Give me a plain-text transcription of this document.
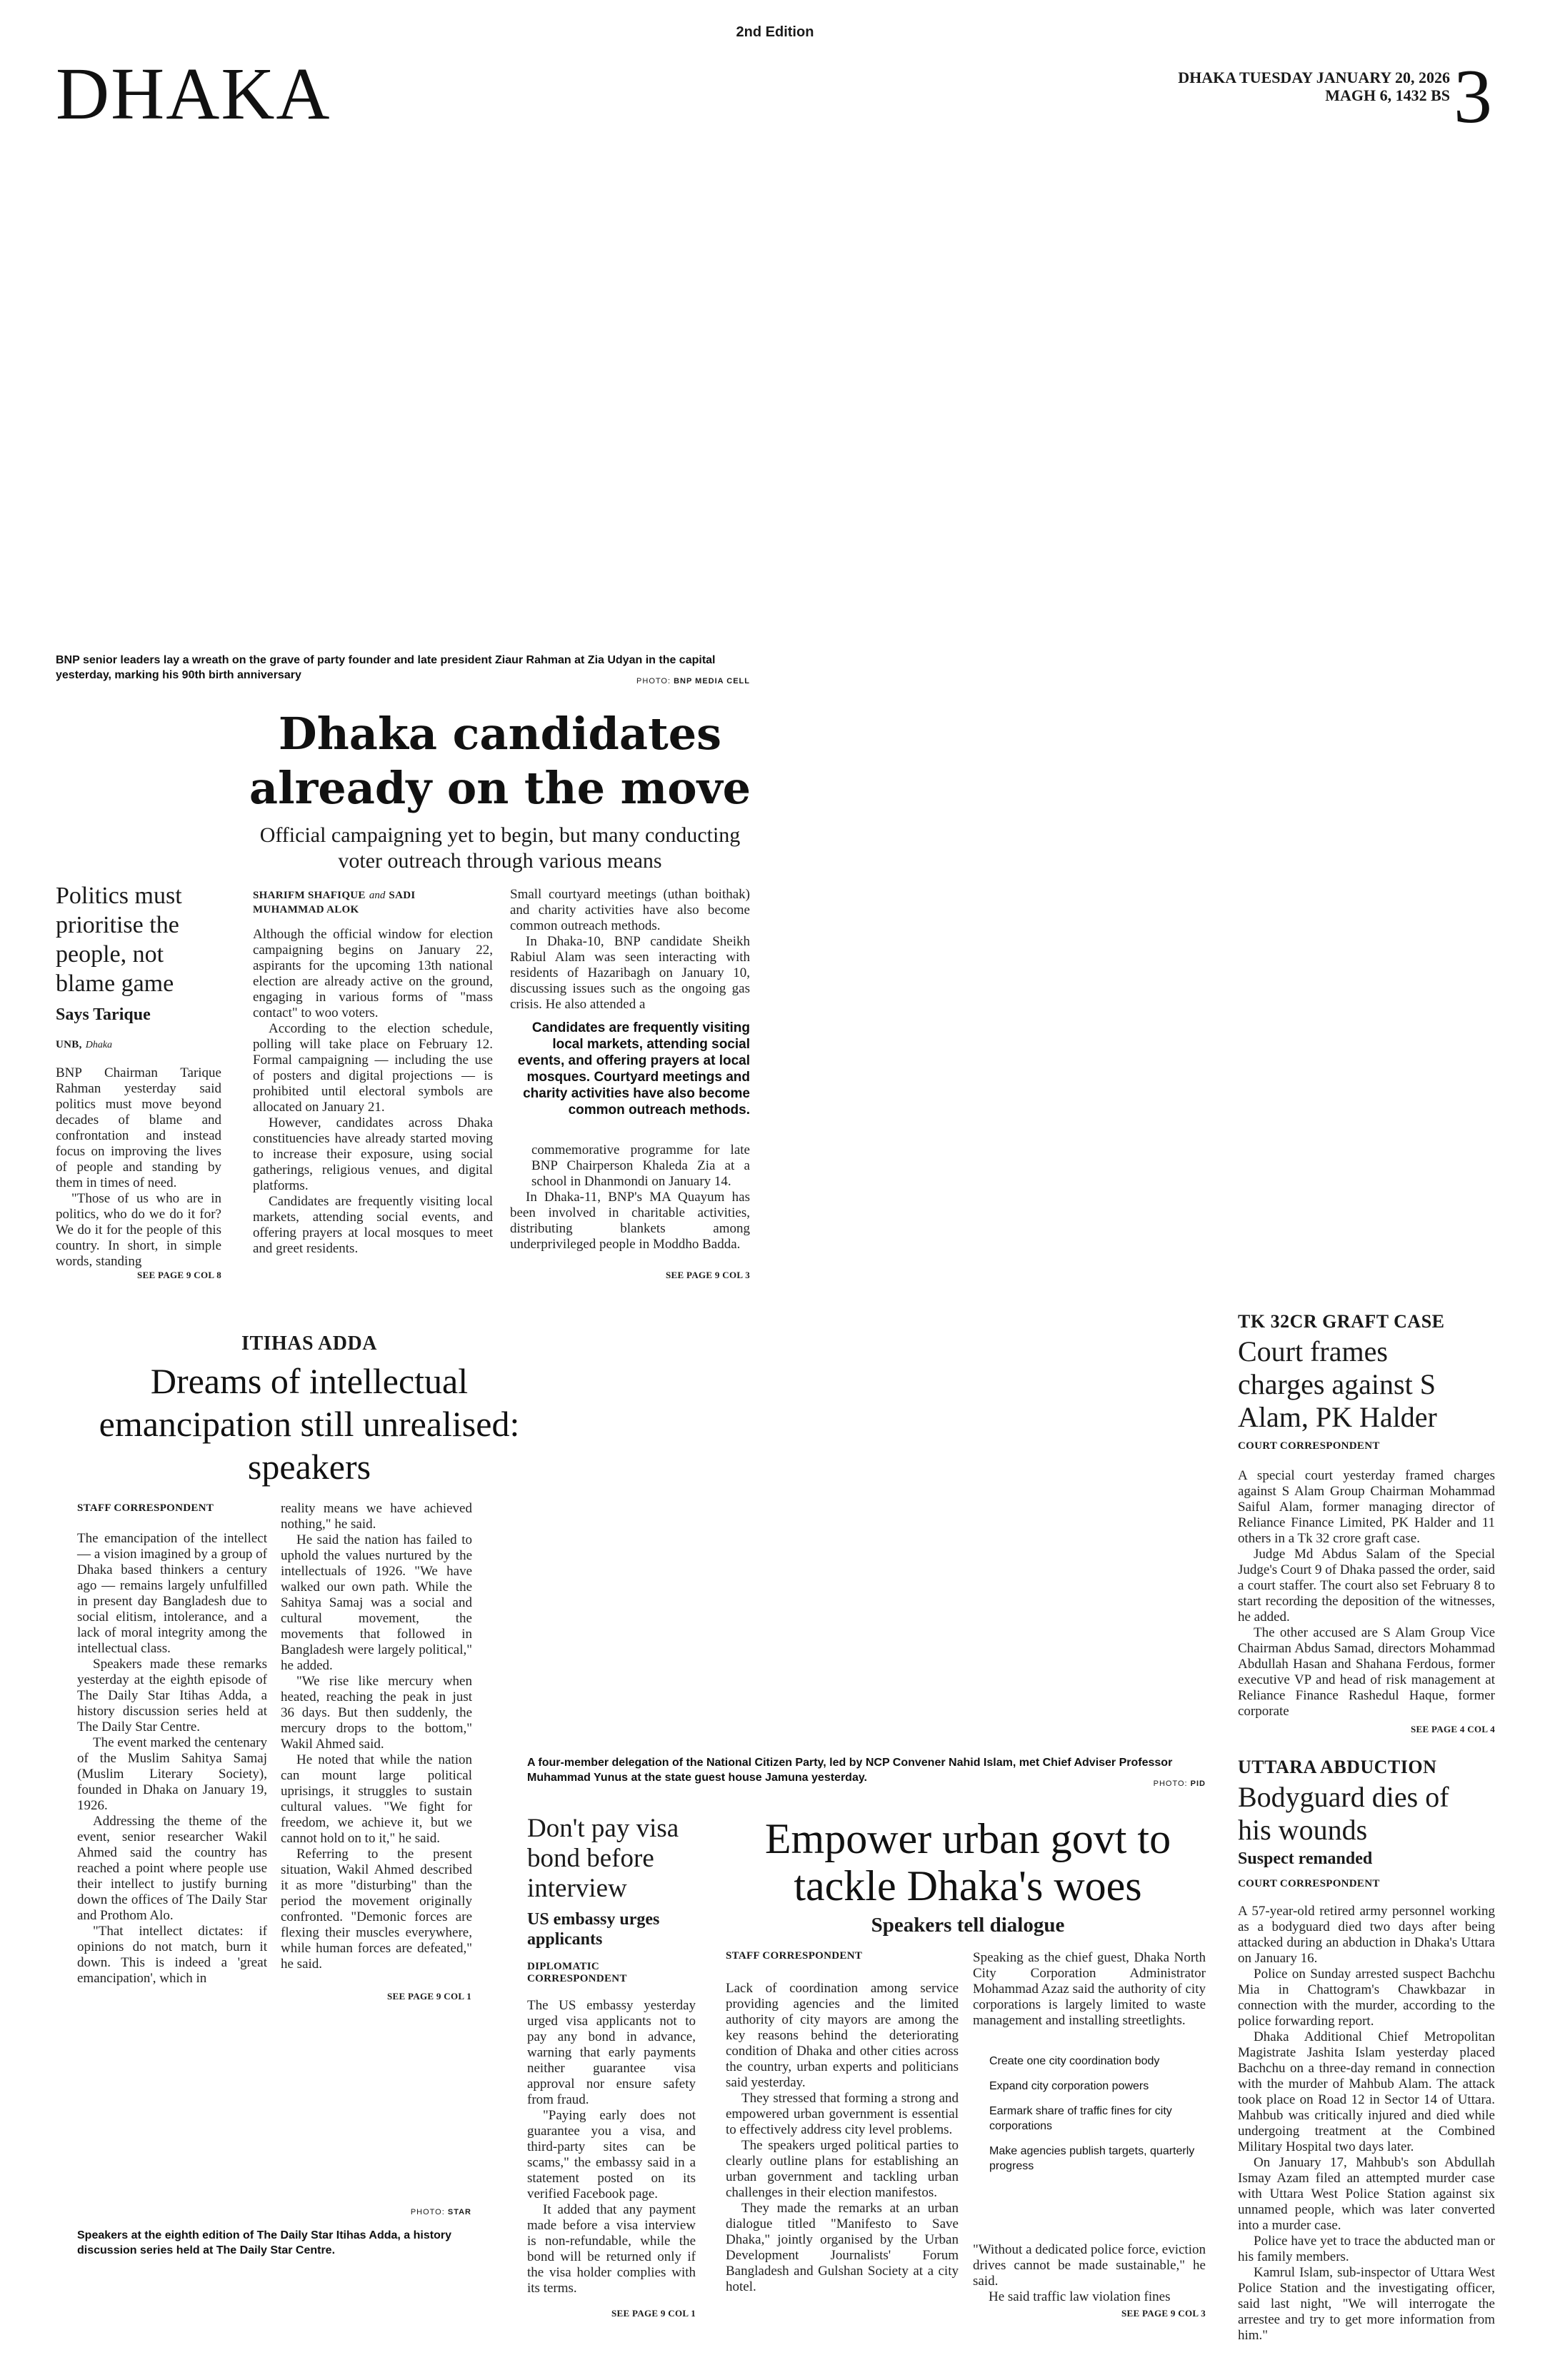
2nd Edition
DHAKA	DHAKA TUESDAY JANUARY 20, 2026
MAGH 6, 1432 BS 3
BNP senior leaders lay a wreath on the grave of party founder and late president Ziaur Rahman at Zia Udyan in the capital yesterday, marking his 90th birth anniversary	PHOTO: BNP MEDIA CELL
Dhaka candidates already on the move
Official campaigning yet to begin, but many conducting voter outreach through various means
SHARIFM SHAFIQUE and SADI MUHAMMAD ALOK

Although the official window for election campaigning begins on January 22, aspirants for the upcoming 13th national election are already active on the ground, engaging in various forms of "mass contact" to woo voters.

According to the election schedule, polling will take place on February 12. Formal campaigning — including the use of posters and digital projections — is prohibited until electoral symbols are allocated on January 21.

However, candidates across Dhaka constituencies have already started moving to increase their exposure, using social gatherings, religious venues, and digital platforms.

Candidates are frequently visiting local markets, attending social events, and offering prayers at local mosques to meet and greet residents.

Small courtyard meetings (uthan boithak) and charity activities have also become common outreach methods.

In Dhaka-10, BNP candidate Sheikh Rabiul Alam was seen interacting with residents of Hazaribagh on January 10, discussing issues such as the ongoing gas crisis. He also attended a

Candidates are frequently visiting local markets, attending social events, and offering prayers at local mosques. Courtyard meetings and charity activities have also become common outreach methods.

commemorative programme for late BNP Chairperson Khaleda Zia at a school in Dhanmondi on January 14.

In Dhaka-11, BNP's MA Quayum has been involved in charitable activities, distributing blankets among underprivileged people in Moddho Badda.

SEE PAGE 9 COL 3
Politics must prioritise the people, not blame game
Says Tarique
UNB, Dhaka

BNP Chairman Tarique Rahman yesterday said politics must move beyond decades of blame and confrontation and instead focus on improving the lives of people and standing by them in times of need.

"Those of us who are in politics, who do we do it for? We do it for the people of this country. In short, in simple words, standing

SEE PAGE 9 COL 8
TK 32CR GRAFT CASE
Court frames charges against S Alam, PK Halder
COURT CORRESPONDENT

A special court yesterday framed charges against S Alam Group Chairman Mohammad Saiful Alam, former managing director of Reliance Finance Limited, PK Halder and 11 others in a Tk 32 crore graft case.

Judge Md Abdus Salam of the Special Judge's Court 9 of Dhaka passed the order, said a court staffer. The court also set February 8 to start recording the deposition of the witnesses, he added.

The other accused are S Alam Group Vice Chairman Abdus Samad, directors Mohammad Abdullah Hasan and Shahana Ferdous, former executive VP and head of risk management at Reliance Finance Rashedul Haque, former corporate

SEE PAGE 4 COL 4
ITIHAS ADDA
Dreams of intellectual emancipation still unrealised: speakers
STAFF CORRESPONDENT

The emancipation of the intellect — a vision imagined by a group of Dhaka based thinkers a century ago — remains largely unfulfilled in present day Bangladesh due to social elitism, intolerance, and a lack of moral integrity among the intellectual class.

Speakers made these remarks yesterday at the eighth episode of The Daily Star Itihas Adda, a history discussion series held at The Daily Star Centre.

The event marked the centenary of the Muslim Sahitya Samaj (Muslim Literary Society), founded in Dhaka on January 19, 1926.

Addressing the theme of the event, senior researcher Wakil Ahmed said the country has reached a point where people use their intellect to justify burning down the offices of The Daily Star and Prothom Alo.

"That intellect dictates: if opinions do not match, burn it down. This is indeed a 'great emancipation', which in

reality means we have achieved nothing," he said.

He said the nation has failed to uphold the values nurtured by the intellectuals of 1926. "We have walked our own path. While the Sahitya Samaj was a social and cultural movement, the movements that followed in Bangladesh were largely political," he added.

"We rise like mercury when heated, reaching the peak in just 36 days. But then suddenly, the mercury drops to the bottom," Wakil Ahmed said.

He noted that while the nation can mount large political uprisings, it struggles to sustain cultural values. "We fight for freedom, we achieve it, but we cannot hold on to it," he said.

Referring to the present situation, Wakil Ahmed described it as more "disturbing" than the period the movement originally confronted. "Demonic forces are flexing their muscles everywhere, while human forces are defeated," he said.

SEE PAGE 9 COL 1
PHOTO: STAR
Speakers at the eighth edition of The Daily Star Itihas Adda, a history discussion series held at The Daily Star Centre.
A four-member delegation of the National Citizen Party, led by NCP Convener Nahid Islam, met Chief Adviser Professor Muhammad Yunus at the state guest house Jamuna yesterday.	PHOTO: PID
Don't pay visa bond before interview
US embassy urges applicants
DIPLOMATIC CORRESPONDENT

The US embassy yesterday urged visa applicants not to pay any bond in advance, warning that early payments neither guarantee visa approval nor ensure safety from fraud.

"Paying early does not guarantee you a visa, and third-party sites can be scams," the embassy said in a statement posted on its verified Facebook page.

It added that any payment made before a visa interview is non-refundable, while the bond will be returned only if the visa holder complies with its terms.

SEE PAGE 9 COL 1
Empower urban govt to tackle Dhaka's woes
Speakers tell dialogue
STAFF CORRESPONDENT

Lack of coordination among service providing agencies and the limited authority of city mayors are among the key reasons behind the deteriorating condition of Dhaka and other cities across the country, urban experts and politicians said yesterday.

They stressed that forming a strong and empowered urban government is essential to effectively address city level problems.

The speakers urged political parties to clearly outline plans for establishing an urban government and tackling urban challenges in their election manifestos.

They made the remarks at an urban dialogue titled "Manifesto to Save Dhaka," jointly organised by the Urban Development Journalists' Forum Bangladesh and Gulshan Society at a city hotel.

Speaking as the chief guest, Dhaka North City Corporation Administrator Mohammad Azaz said the authority of city corporations is largely limited to waste management and installing streetlights.

Create one city coordination body
Expand city corporation powers
Earmark share of traffic fines for city corporations
Make agencies publish targets, quarterly progress

"Without a dedicated police force, eviction drives cannot be made sustainable," he said.

He said traffic law violation fines

SEE PAGE 9 COL 3
UTTARA ABDUCTION
Bodyguard dies of his wounds
Suspect remanded
COURT CORRESPONDENT

A 57-year-old retired army personnel working as a bodyguard died two days after being attacked during an abduction in Dhaka's Uttara on January 16.

Police on Sunday arrested suspect Bachchu Mia in Chattogram's Chawkbazar in connection with the murder, according to the police forwarding report.

Dhaka Additional Chief Metropolitan Magistrate Jashita Islam yesterday placed Bachchu on a three-day remand in connection with the murder of Mahbub Alam. The attack took place on Road 12 in Sector 14 of Uttara. Mahbub was critically injured and died while undergoing treatment at the Combined Military Hospital two days later.

On January 17, Mahbub's son Abdullah Ismay Azam filed an attempted murder case with Uttara West Police Station against six unnamed people, which was later converted into a murder case.

Police have yet to trace the abducted man or his family members.

Kamrul Islam, sub-inspector of Uttara West Police Station and the investigating officer, said last night, "We will interrogate the arrestee and try to get more information from him."
